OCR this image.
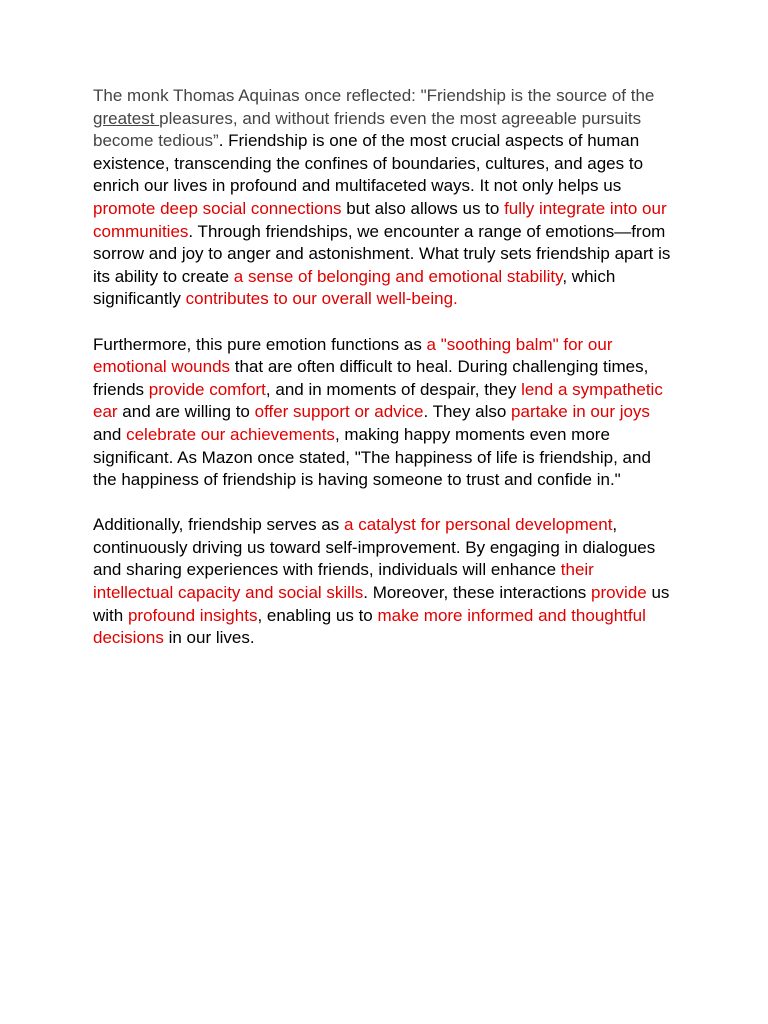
The monk Thomas Aquinas once reflected: "Friendship is the source of the greatest pleasures, and without friends even the most agreeable pursuits become tedious”. Friendship is one of the most crucial aspects of human existence, transcending the confines of boundaries, cultures, and ages to enrich our lives in profound and multifaceted ways. It not only helps us promote deep social connections but also allows us to fully integrate into our communities. Through friendships, we encounter a range of emotions—from sorrow and joy to anger and astonishment. What truly sets friendship apart is its ability to create a sense of belonging and emotional stability, which significantly contributes to our overall well-being.

Furthermore, this pure emotion functions as a "soothing balm" for our emotional wounds that are often difficult to heal. During challenging times, friends provide comfort, and in moments of despair, they lend a sympathetic ear and are willing to offer support or advice. They also partake in our joys and celebrate our achievements, making happy moments even more significant. As Mazon once stated, "The happiness of life is friendship, and the happiness of friendship is having someone to trust and confide in."

Additionally, friendship serves as a catalyst for personal development, continuously driving us toward self-improvement. By engaging in dialogues and sharing experiences with friends, individuals will enhance their intellectual capacity and social skills. Moreover, these interactions provide us with profound insights, enabling us to make more informed and thoughtful decisions in our lives.
